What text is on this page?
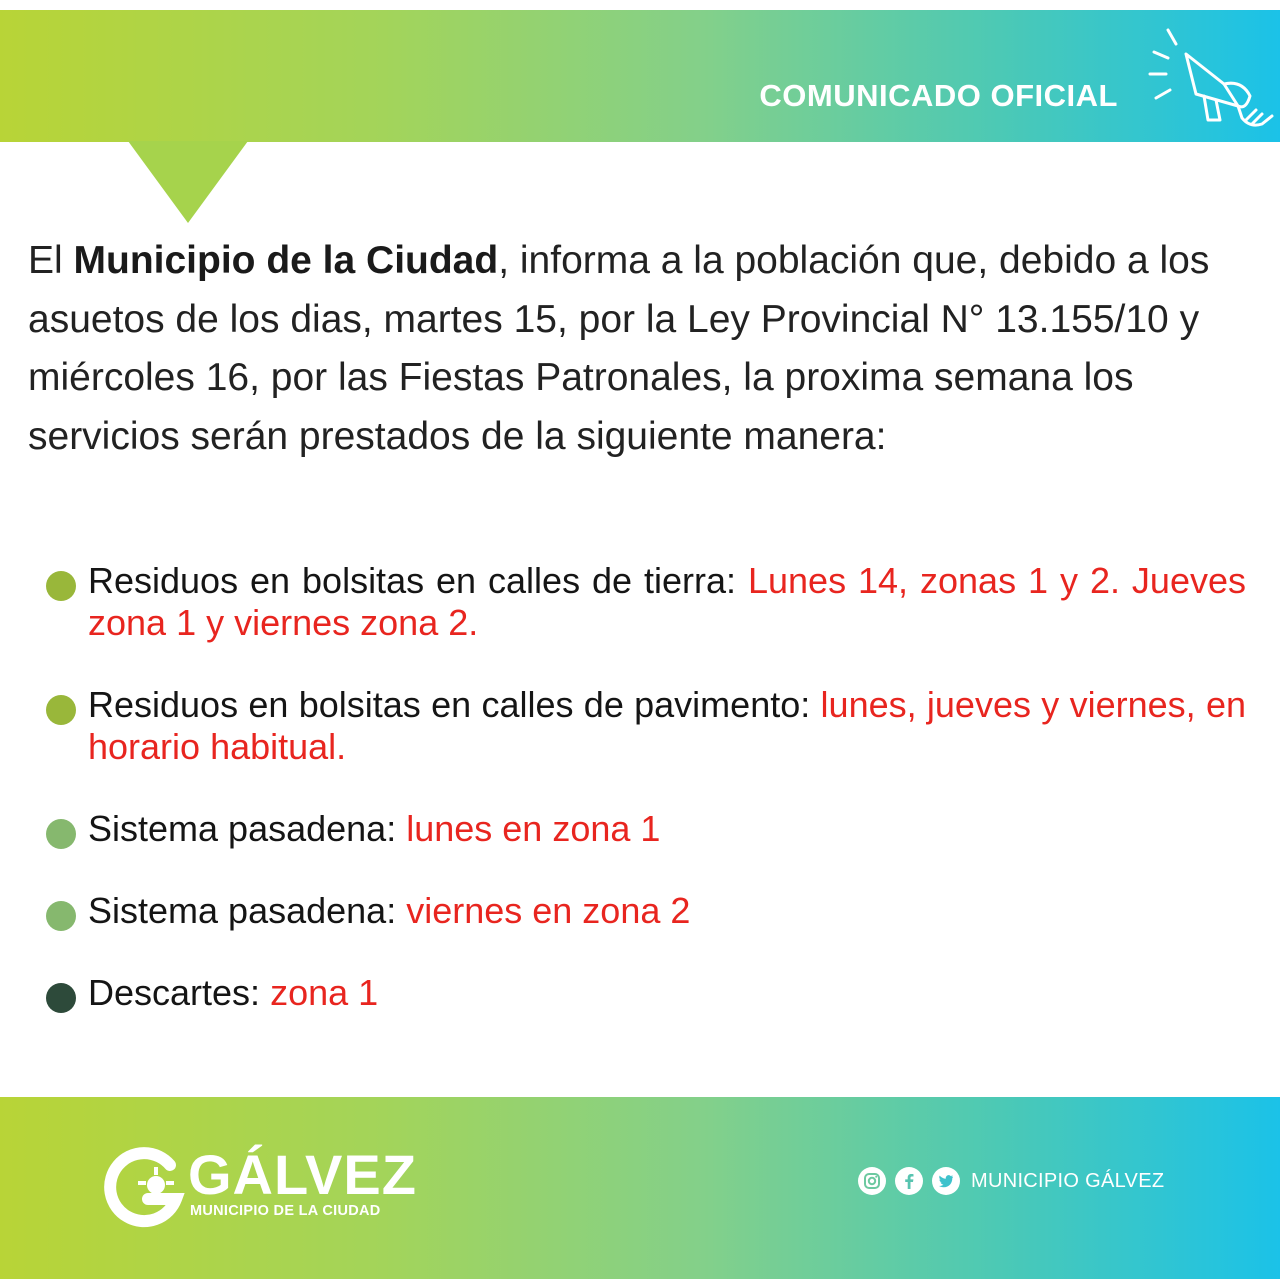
COMUNICADO OFICIAL
El Municipio de la Ciudad, informa a la población que, debido a los asuetos de los dias, martes 15, por la Ley Provincial N° 13.155/10 y miércoles 16, por las Fiestas Patronales, la proxima semana los servicios serán prestados de la siguiente manera:
Residuos en bolsitas en calles de tierra: Lunes 14, zonas 1 y 2. Jueves zona 1 y viernes zona 2.
Residuos en bolsitas en calles de pavimento: lunes, jueves y viernes, en horario habitual.
Sistema pasadena: lunes en zona 1
Sistema pasadena: viernes en zona 2
Descartes: zona 1
GÁLVEZ
MUNICIPIO DE LA CIUDAD
MUNICIPIO GÁLVEZ
